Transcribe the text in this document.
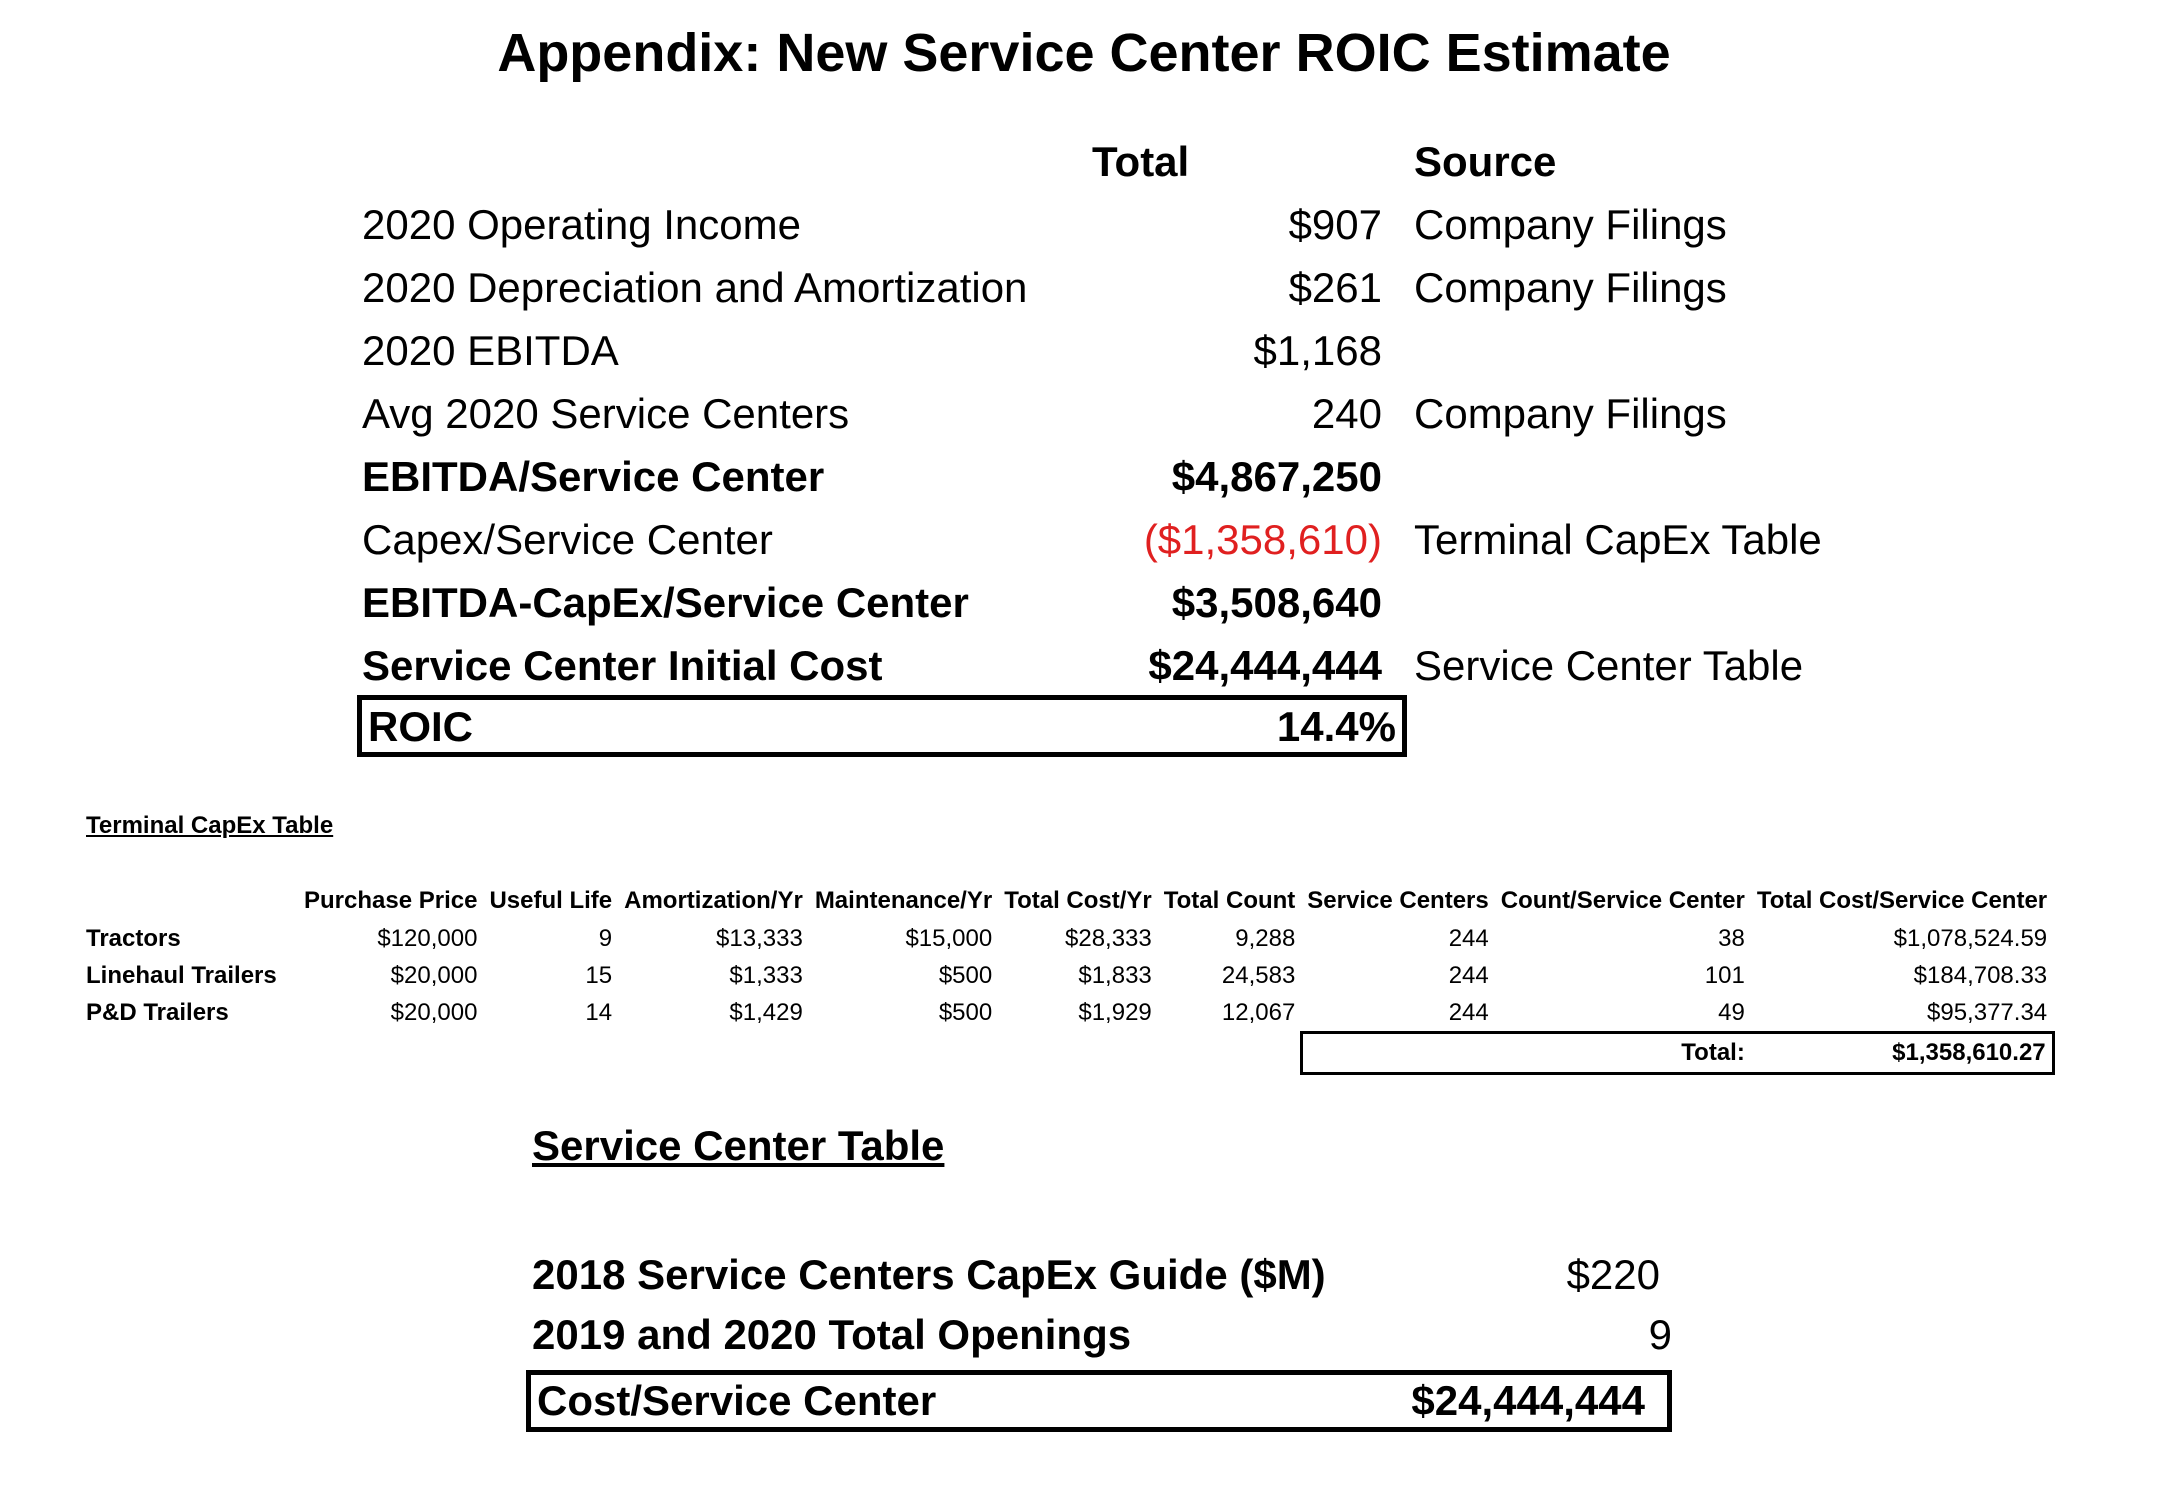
Appendix: New Service Center ROIC Estimate
Total	Source
2020 Operating Income	$907 Company Filings
2020 Depreciation and Amortization	$261 Company Filings
2020 EBITDA	$1,168
Avg 2020 Service Centers	240 Company Filings
EBITDA/Service Center	$4,867,250
Capex/Service Center	($1,358,610) Terminal CapEx Table
EBITDA-CapEx/Service Center	$3,508,640
Service Center Initial Cost	$24,444,444 Service Center Table
ROIC	14.4%
Terminal CapEx Table
	Purchase Price	Useful Life	Amortization/Yr	Maintenance/Yr	Total Cost/Yr	Total Count	Service Centers	Count/Service Center	Total Cost/Service Center
Tractors	$120,000	9	$13,333	$15,000	$28,333	9,288	244	38	$1,078,524.59
Linehaul Trailers	$20,000	15	$1,333	$500	$1,833	24,583	244	101	$184,708.33
P&D Trailers	$20,000	14	$1,429	$500	$1,929	12,067	244	49	$95,377.34
								Total:	$1,358,610.27
Service Center Table
2018 Service Centers CapEx Guide ($M)	$220
2019 and 2020 Total Openings	9
Cost/Service Center	$24,444,444
